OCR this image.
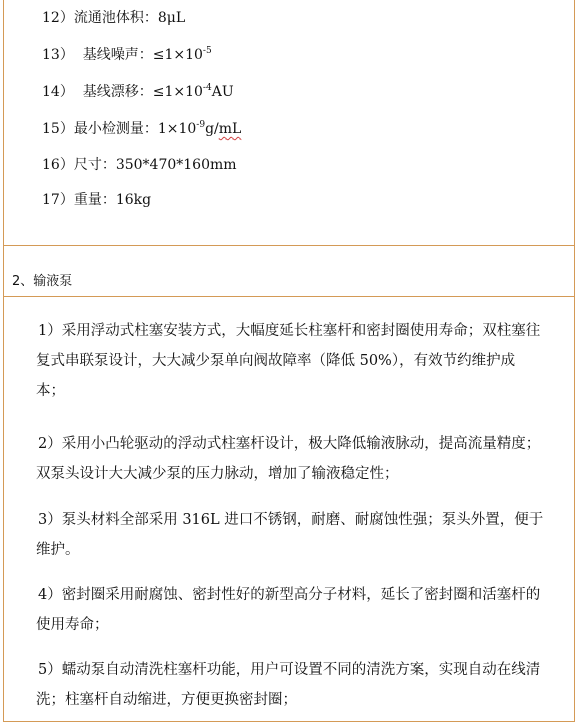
12）流通池体积：8μL
13） 基线噪声：$\le 1\times 10^{-5}$
14） 基线漂移：$\le 1\times 10^{-4}AU$
15）最小检测量：$1\times 10^{-9}g/mL$
16）尺寸：350*470*160mm
17）重量：16kg
2、输液泵
1）采用浮动式柱塞安装方式，大幅度延长柱塞杆和密封圈使用寿命；双柱塞往复式串联泵设计，大大减少泵单向阀故障率（降低 50%），有效节约维护成本；
2）采用小凸轮驱动的浮动式柱塞杆设计，极大降低输液脉动，提高流量精度；双泵头设计大大减少泵的压力脉动，增加了输液稳定性；
3）泵头材料全部采用 316L 进口不锈钢，耐磨、耐腐蚀性强；泵头外置，便于维护。
4）密封圈采用耐腐蚀、密封性好的新型高分子材料，延长了密封圈和活塞杆的使用寿命；
5）蠕动泵自动清洗柱塞杆功能，用户可设置不同的清洗方案，实现自动在线清洗；柱塞杆自动缩进，方便更换密封圈；
